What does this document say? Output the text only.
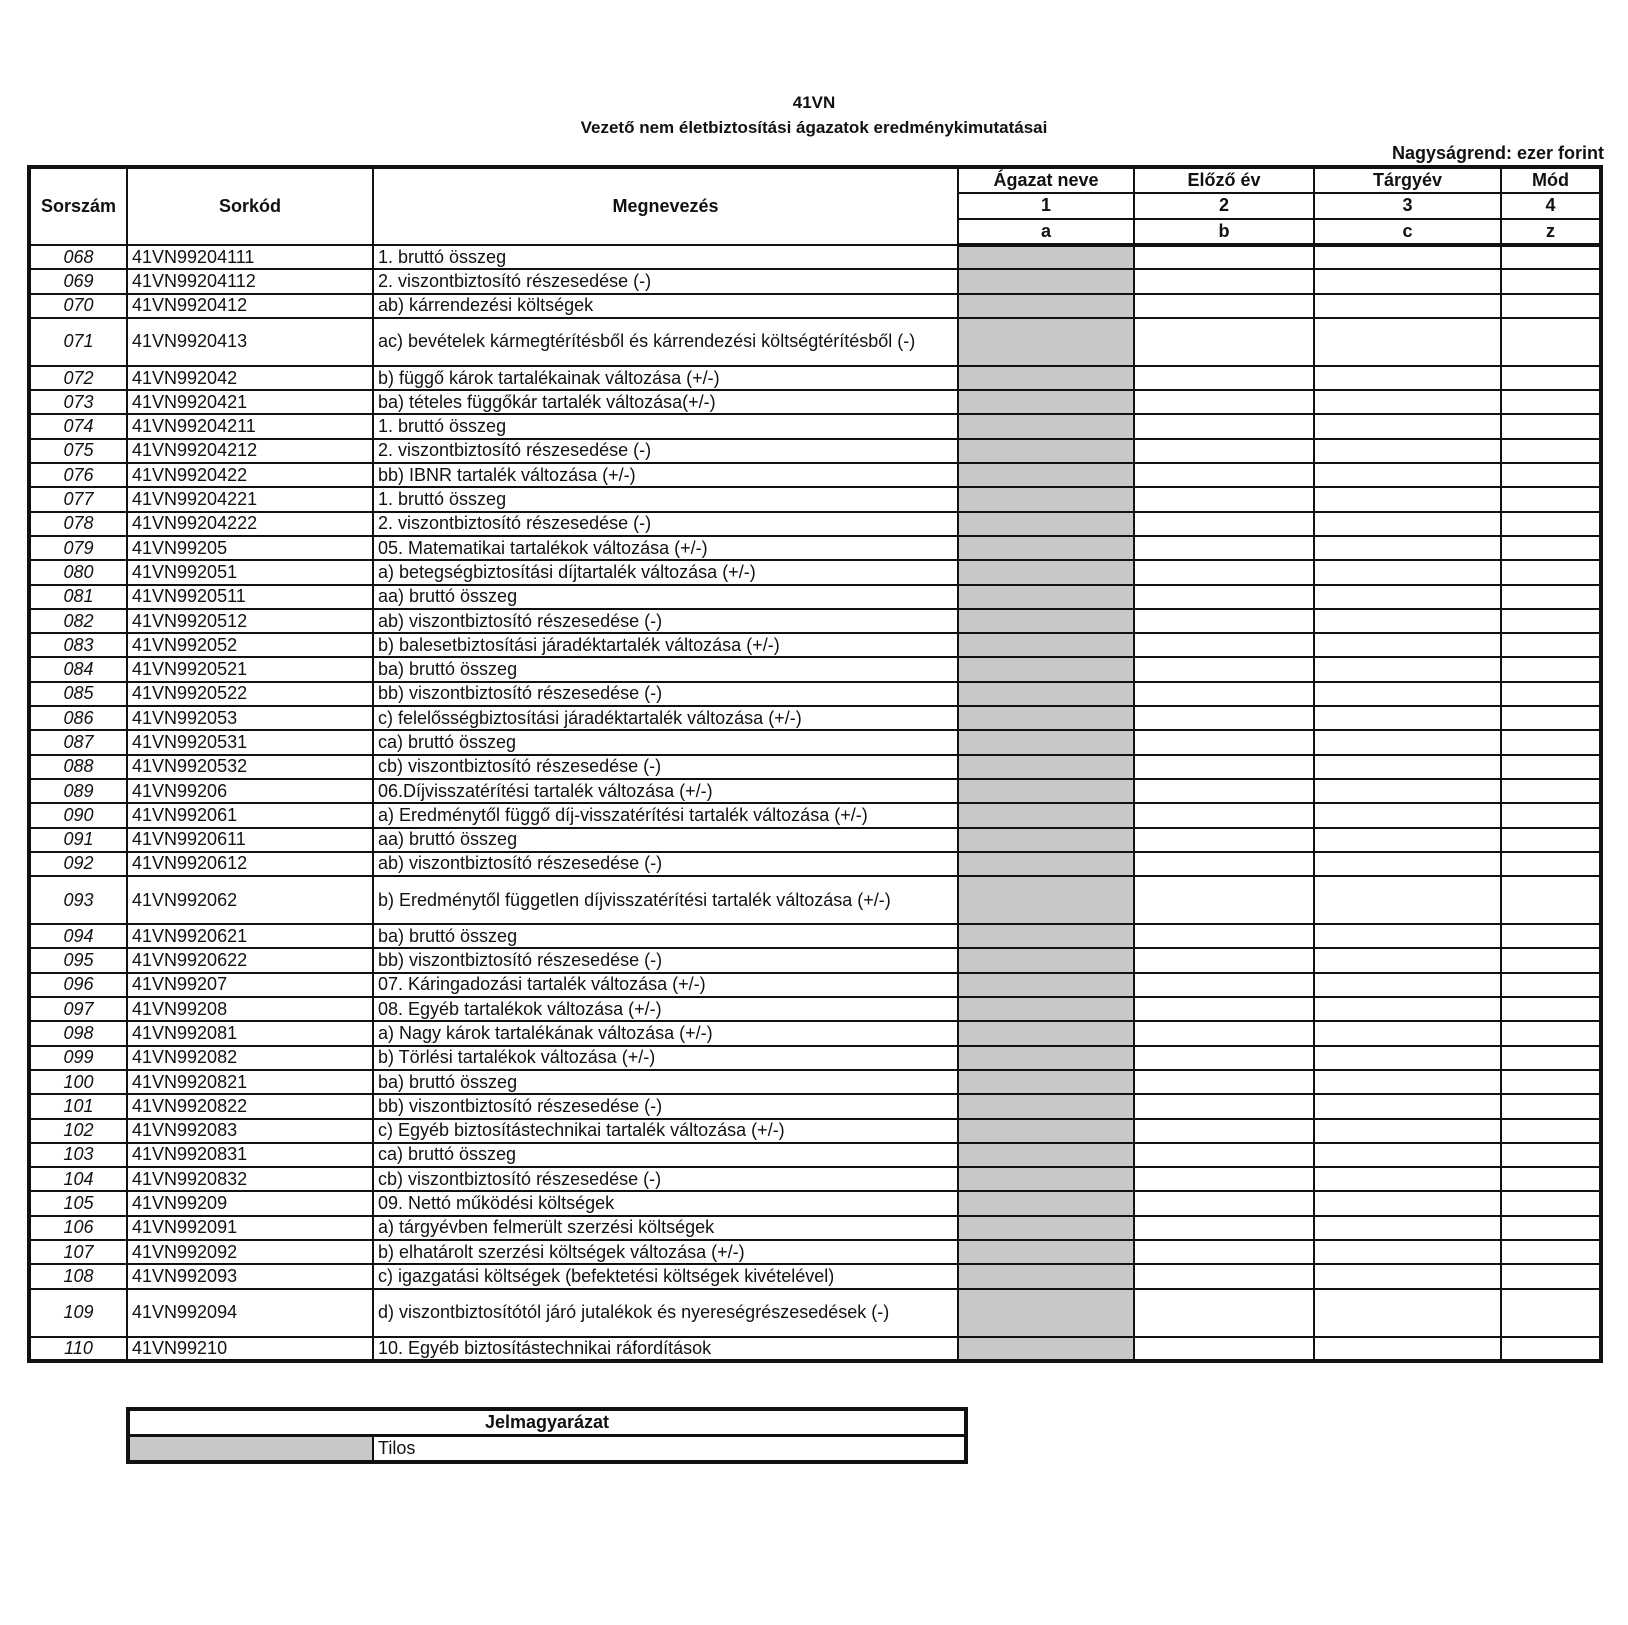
41VN
Vezető nem életbiztosítási ágazatok eredménykimutatásai
Nagyságrend: ezer forint
Sorszám	Sorkód	Megnevezés	Ágazat neve	Előző év	Tárgyév	Mód
			1	2	3	4
			a	b	c	z
068	41VN99204111	1. bruttó összeg				
069	41VN99204112	2. viszontbiztosító részesedése (-)				
070	41VN9920412	ab) kárrendezési költségek				
071	41VN9920413	ac) bevételek kármegtérítésből és kárrendezési költségtérítésből (-)				
072	41VN992042	b) függő károk tartalékainak változása (+/-)				
073	41VN9920421	ba) tételes függőkár tartalék változása(+/-)				
074	41VN99204211	1. bruttó összeg				
075	41VN99204212	2. viszontbiztosító részesedése (-)				
076	41VN9920422	bb) IBNR tartalék változása (+/-)				
077	41VN99204221	1. bruttó összeg				
078	41VN99204222	2. viszontbiztosító részesedése (-)				
079	41VN99205	05. Matematikai tartalékok változása (+/-)				
080	41VN992051	a) betegségbiztosítási díjtartalék változása (+/-)				
081	41VN9920511	aa) bruttó összeg				
082	41VN9920512	ab) viszontbiztosító részesedése (-)				
083	41VN992052	b) balesetbiztosítási járadéktartalék változása (+/-)				
084	41VN9920521	ba) bruttó összeg				
085	41VN9920522	bb) viszontbiztosító részesedése (-)				
086	41VN992053	c) felelősségbiztosítási járadéktartalék változása (+/-)				
087	41VN9920531	ca) bruttó összeg				
088	41VN9920532	cb) viszontbiztosító részesedése (-)				
089	41VN99206	06.Díjvisszatérítési tartalék változása (+/-)				
090	41VN992061	a) Eredménytől függő díj-visszatérítési tartalék változása (+/-)				
091	41VN9920611	aa) bruttó összeg				
092	41VN9920612	ab) viszontbiztosító részesedése (-)				
093	41VN992062	b) Eredménytől független díjvisszatérítési tartalék változása (+/-)				
094	41VN9920621	ba) bruttó összeg				
095	41VN9920622	bb) viszontbiztosító részesedése (-)				
096	41VN99207	07. Káringadozási tartalék változása (+/-)				
097	41VN99208	08. Egyéb tartalékok változása (+/-)				
098	41VN992081	a) Nagy károk tartalékának változása (+/-)				
099	41VN992082	b) Törlési tartalékok változása (+/-)				
100	41VN9920821	ba) bruttó összeg				
101	41VN9920822	bb) viszontbiztosító részesedése (-)				
102	41VN992083	c) Egyéb biztosítástechnikai tartalék változása (+/-)				
103	41VN9920831	ca) bruttó összeg				
104	41VN9920832	cb) viszontbiztosító részesedése (-)				
105	41VN99209	09. Nettó működési költségek				
106	41VN992091	a) tárgyévben felmerült szerzési költségek				
107	41VN992092	b) elhatárolt szerzési költségek változása (+/-)				
108	41VN992093	c) igazgatási költségek (befektetési költségek kivételével)				
109	41VN992094	d) viszontbiztosítótól járó jutalékok és nyereségrészesedések (-)				
110	41VN99210	10. Egyéb biztosítástechnikai ráfordítások				
Jelmagyarázat
	Tilos
